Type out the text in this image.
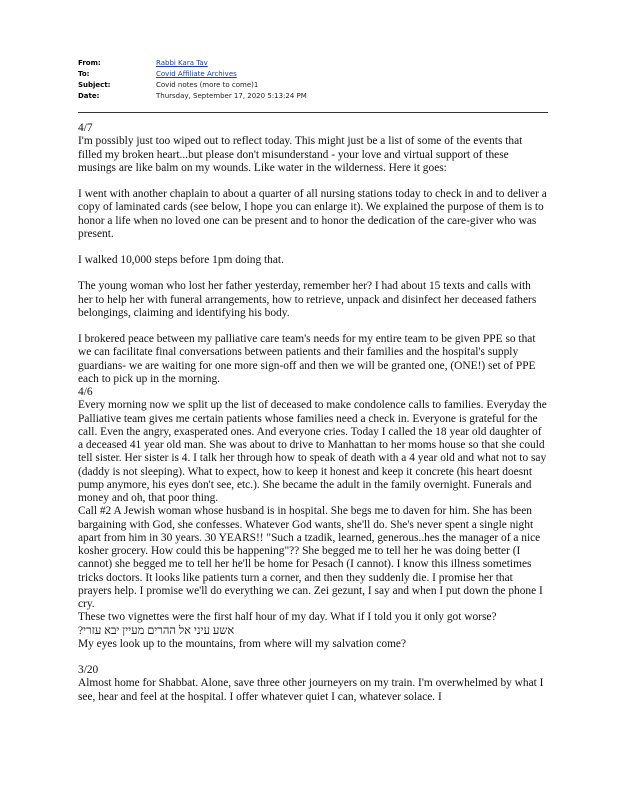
From:	Rabbi Kara Tav
To:	Covid Affiliate Archives
Subject:	Covid notes (more to come)1
Date:	Thursday, September 17, 2020 5:13:24 PM

4/7

I'm possibly just too wiped out to reflect today. This might just be a list of some of the events that filled my broken heart...but please don't misunderstand - your love and virtual support of these musings are like balm on my wounds. Like water in the wilderness. Here it goes:

I went with another chaplain to about a quarter of all nursing stations today to check in and to deliver a copy of laminated cards (see below, I hope you can enlarge it). We explained the purpose of them is to honor a life when no loved one can be present and to honor the dedication of the care-giver who was present.

I walked 10,000 steps before 1pm doing that.

The young woman who lost her father yesterday, remember her? I had about 15 texts and calls with her to help her with funeral arrangements, how to retrieve, unpack and disinfect her deceased fathers belongings, claiming and identifying his body.

I brokered peace between my palliative care team's needs for my entire team to be given PPE so that we can facilitate final conversations between patients and their families and the hospital's supply guardians- we are waiting for one more sign-off and then we will be granted one, (ONE!) set of PPE each to pick up in the morning.

4/6

Every morning now we split up the list of deceased to make condolence calls to families. Everyday the Palliative team gives me certain patients whose families need a check in. Everyone is grateful for the call. Even the angry, exasperated ones. And everyone cries. Today I called the 18 year old daughter of a deceased 41 year old man. She was about to drive to Manhattan to her moms house so that she could tell sister. Her sister is 4. I talk her through how to speak of death with a 4 year old and what not to say (daddy is not sleeping). What to expect, how to keep it honest and keep it concrete (his heart doesnt pump anymore, his eyes don't see, etc.). She became the adult in the family overnight. Funerals and money and oh, that poor thing.

Call #2 A Jewish woman whose husband is in hospital. She begs me to daven for him. She has been bargaining with God, she confesses. Whatever God wants, she'll do. She's never spent a single night apart from him in 30 years. 30 YEARS!! "Such a tzadik, learned, generous..hes the manager of a nice kosher grocery. How could this be happening"?? She begged me to tell her he was doing better (I cannot) she begged me to tell her he'll be home for Pesach (I cannot). I know this illness sometimes tricks doctors. It looks like patients turn a corner, and then they suddenly die. I promise her that prayers help. I promise we'll do everything we can. Zei gezunt, I say and when I put down the phone I cry.

These two vignettes were the first half hour of my day. What if I told you it only got worse?

אשע עיני אל ההרים מעיין יבא עזרי?

My eyes look up to the mountains, from where will my salvation come?

3/20

Almost home for Shabbat. Alone, save three other journeyers on my train. I'm overwhelmed by what I see, hear and feel at the hospital. I offer whatever quiet I can, whatever solace. I
